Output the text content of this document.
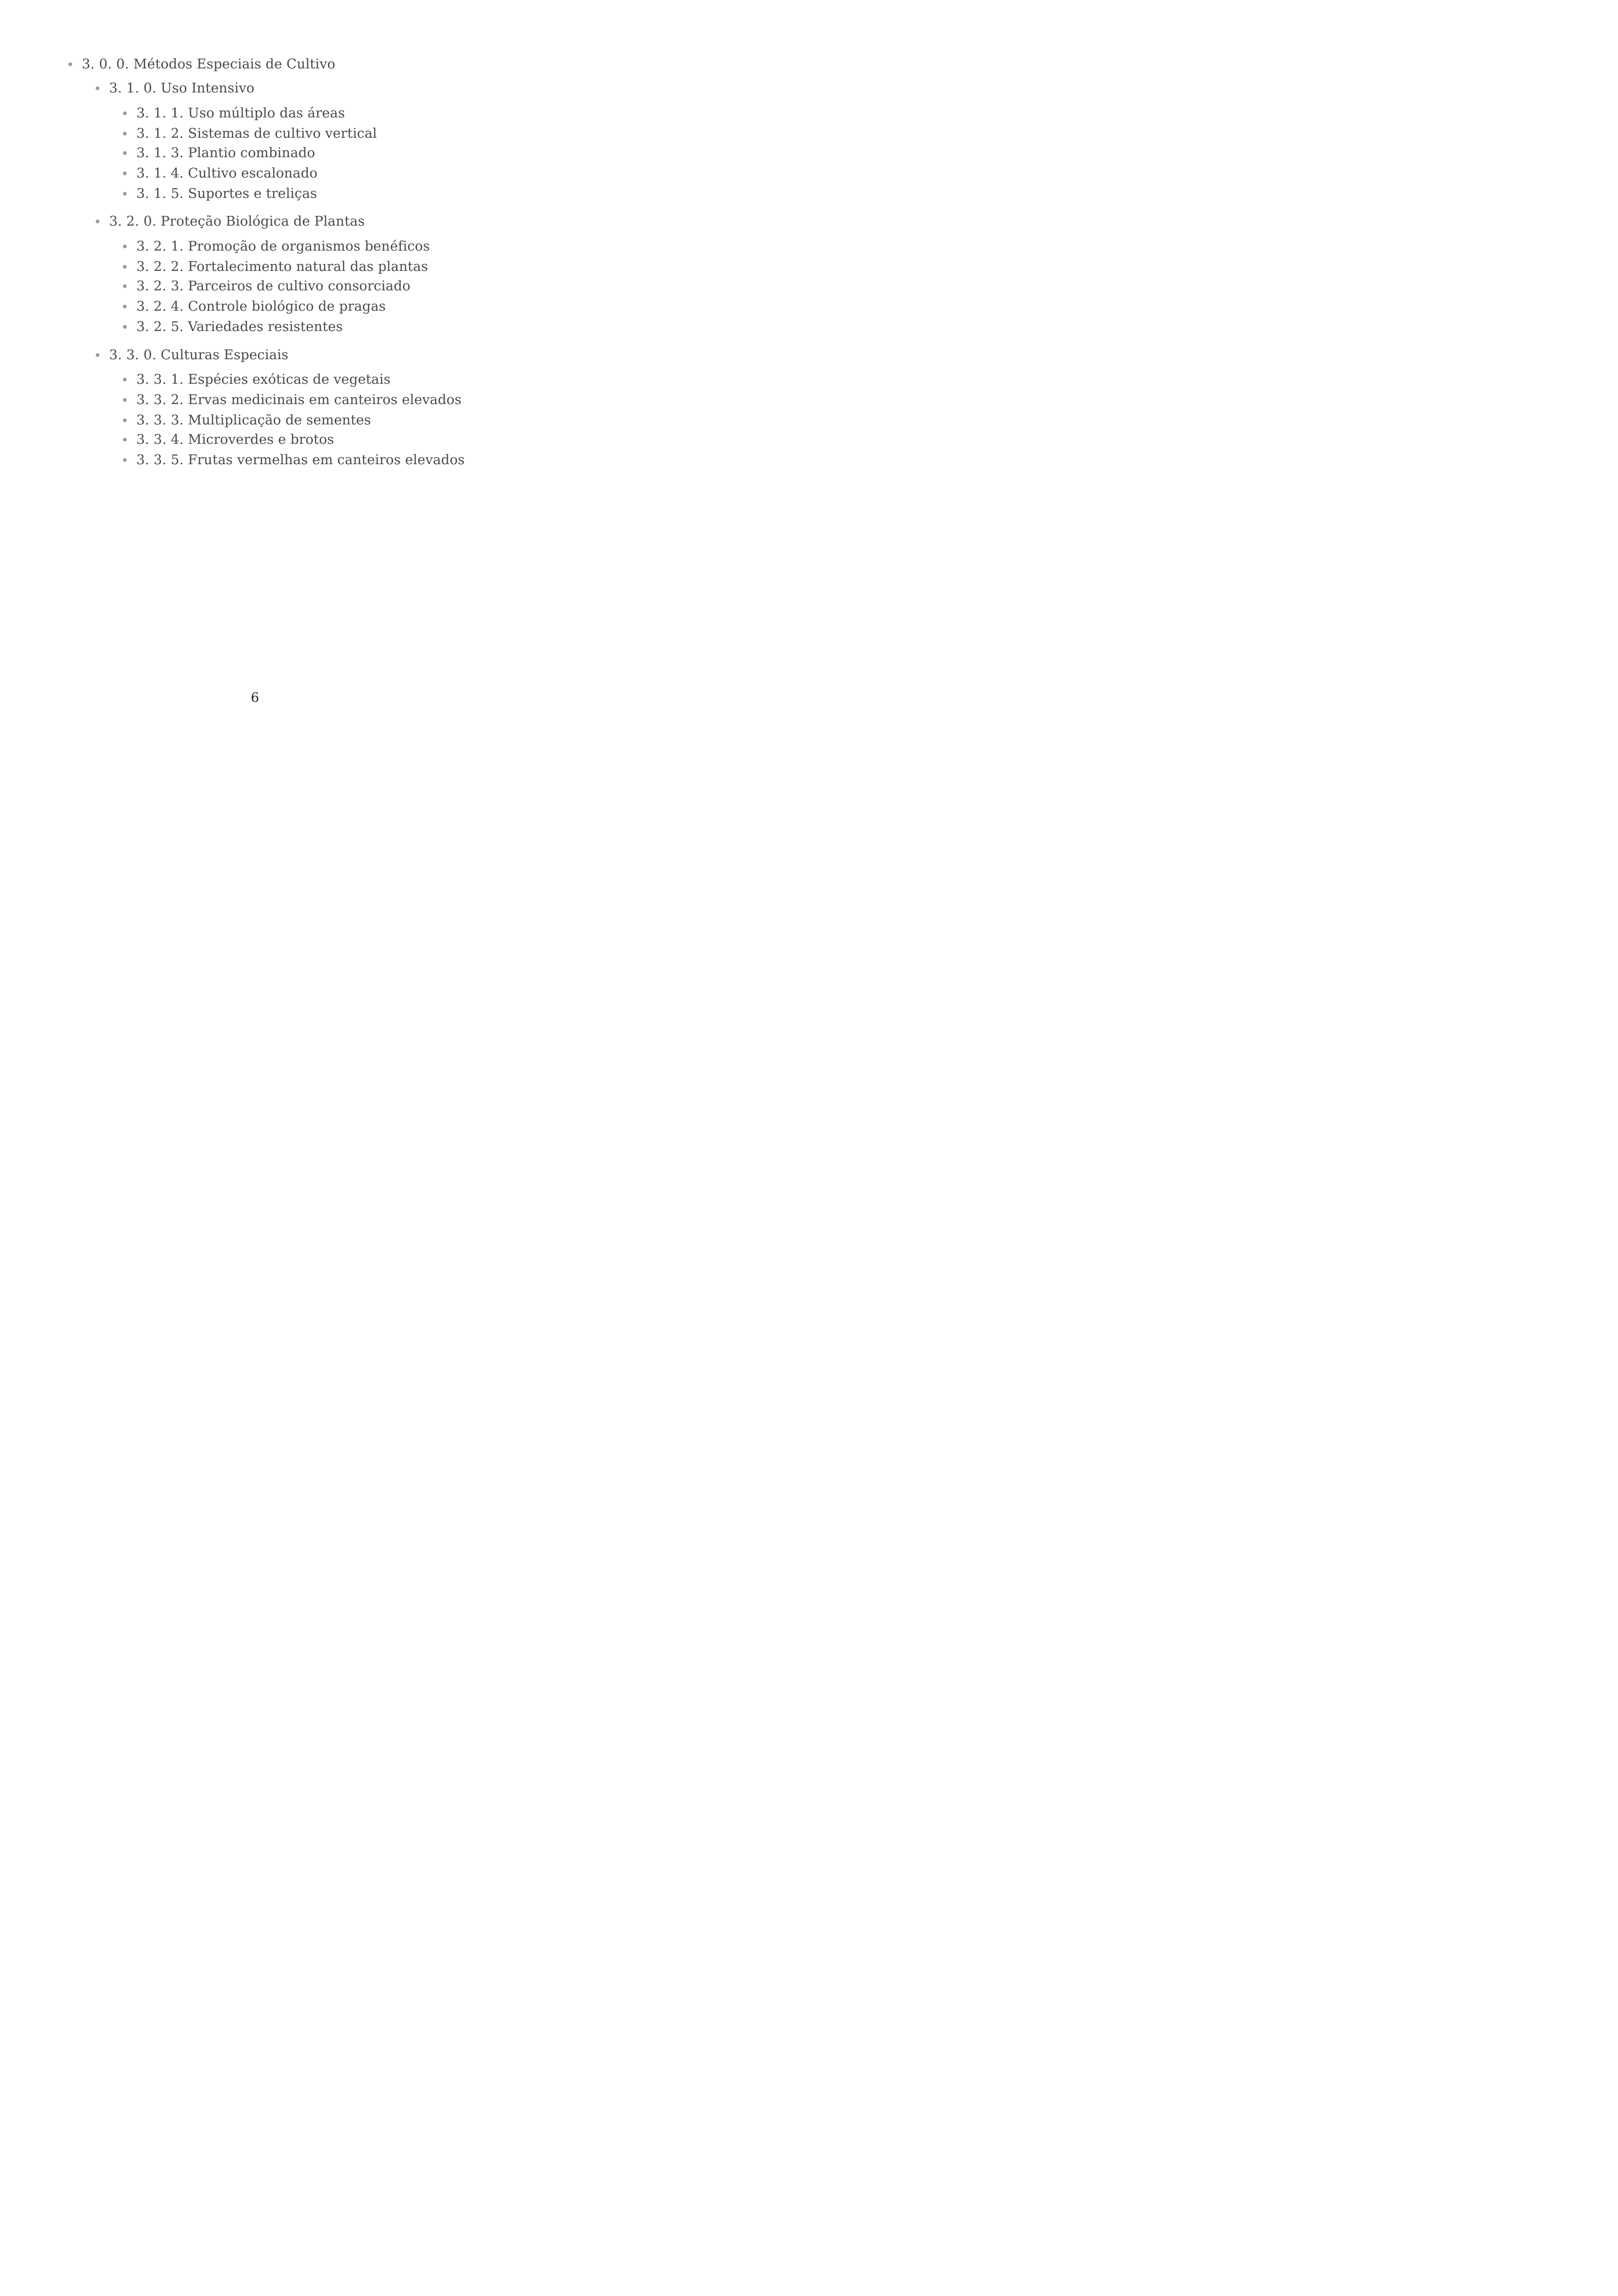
3. 0. 0. Métodos Especiais de Cultivo
3. 1. 0. Uso Intensivo
3. 1. 1. Uso múltiplo das áreas
3. 1. 2. Sistemas de cultivo vertical
3. 1. 3. Plantio combinado
3. 1. 4. Cultivo escalonado
3. 1. 5. Suportes e treliças
3. 2. 0. Proteção Biológica de Plantas
3. 2. 1. Promoção de organismos benéficos
3. 2. 2. Fortalecimento natural das plantas
3. 2. 3. Parceiros de cultivo consorciado
3. 2. 4. Controle biológico de pragas
3. 2. 5. Variedades resistentes
3. 3. 0. Culturas Especiais
3. 3. 1. Espécies exóticas de vegetais
3. 3. 2. Ervas medicinais em canteiros elevados
3. 3. 3. Multiplicação de sementes
3. 3. 4. Microverdes e brotos
3. 3. 5. Frutas vermelhas em canteiros elevados
6
